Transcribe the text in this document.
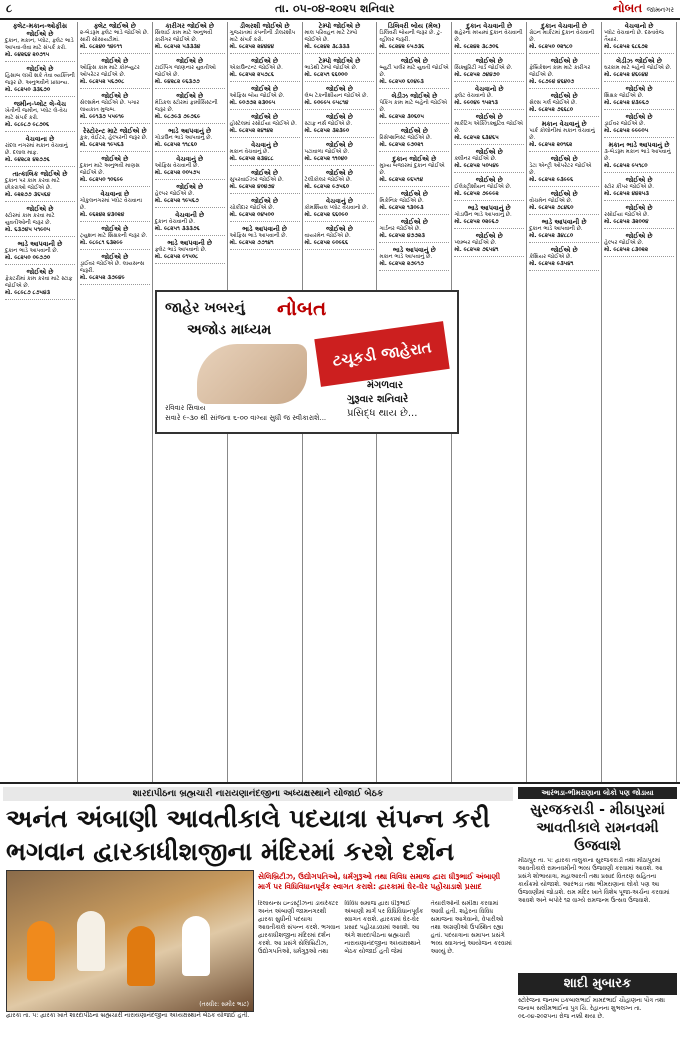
૮	તા. ૦૫-૦૪-૨૦૨૫ શનિવાર	નોબત જામનગર
ફ્લેટ-મકાન-ઓફીસ જોઈએ છે
દુકાન, મકાન, પ્લોટ, ફ્લેટ ભાડે આપવા-લેવા માટે સંપર્ક કરો.
મો. ૯૪૨૬૪ ૨૦૭૧૫
જોઈએ છે
હિસાબ લખી શકે તેવા વ્યક્તિની જરૂર છે. અનુભવીને પ્રાધાન્ય.
મો. ૯૮૨૫૦ ૩૩૬૭૦
જમીન-પ્લોટ લે-વેચ
ખેતીની જમીન, પ્લોટ લે-વેચ માટે સંપર્ક કરો.
મો. ૯૮૯૮૭ ૯૮૭૦૬
વેચવાના છે
રાંદલ નગરમાં મકાન વેચવાનું છે. દલાલ માફ.
મો. ૯૪૨૮૨ ૪૨૭૭૬
તાત્કાલિક જોઈએ છે
દુકાન પર કામ કરવા માટે છોકરાઓ જોઈએ છે.
મો. ૯૨૨૭૭ ૩૬૫૬૪
જોઈએ છે
સ્ટોરમાં કામ કરવા માટે યુવતીઓની જરૂર છે.
મો. ૬૩૭૪૫ ૫૧૯૦૫
ભાડે આપવાની છે
દુકાન ભાડે આપવાની છે.
મો. ૯૮૨૫૦ ૦૯૭૭૦
જોઈએ છે
ફેક્ટરીમાં કામ કરવા માટે સ્ટાફ જોઈએ છે.
મો. ૯૮૯૮૭ ૮૭૫૪૩
ફ્લેટ જોઈએ છે
૨-બેડરૂમ ફ્લેટ ભાડે જોઈએ છે. સારી સોસાયટીમાં.
મો. ૯૮૨૪૦ ૧૪૯૧૧
જોઈએ છે
ઓફિસ કામ માટે કોમ્પ્યુટર ઓપરેટર જોઈએ છે.
મો. ૯૮૨૫૨ ૫૬૭૦૮
જોઈએ છે
સેલ્સમેન જોઈએ છે. પગાર લાયકાત મુજબ.
મો. ૯૯૧૩૭ ૫૫૯૧૯
રેસ્ટોરન્ટ માટે જોઈએ છે
કુક, વેઈટર, હેલ્પરની જરૂર છે.
મો. ૯૮૨૫૨ ૧૯૫૬૩
જોઈએ છે
દુકાન માટે અનુભવી માણસ જોઈએ છે.
મો. ૯૮૨૫૦ ૧૦૬૯૯
વેચવાના છે
ગોકુલનગરમાં પ્લોટ વેચવાના છે.
મો. ૯૬૨૪૨ ૪૩૦૨૪
જોઈએ છે
ટ્યુશન માટે શિક્ષકની જરૂર છે.
મો. ૯૮૯૮૧ ૬૩૨૯૯
જોઈએ છે
ડ્રાઈવર જોઈએ છે. લાયસન્સ જરૂરી.
મો. ૯૮૨૫૨ ૩૭૯૪૯
કારીગર જોઈએ છે
સિલાઈ કામ માટે અનુભવી કારીગર જોઈએ છે.
મો. ૯૮૨૫૨ ૫૩૩૩૪
જોઈએ છે
ટાઈપિંગ જાણનાર યુવતીઓ જોઈએ છે.
મો. ૯૪૨૮૨ ૯૬૩૭૭
જોઈએ છે
મેડિકલ સ્ટોરમાં ફાર્માસિસ્ટની જરૂર છે.
મો. ૯૮૭૯૩ ૭૯૭૬૯
ભાડે આપવાનું છે
ગોડાઉન ભાડે આપવાનું છે.
મો. ૯૮૨૫૨ ૧૧૮૬૦
વેચવાનું છે
ઓફિસ વેચવાની છે.
મો. ૯૮૨૫૨ ૦૦૫૭૫
જોઈએ છે
હેલ્પર જોઈએ છે.
મો. ૯૮૨૫૨ ૧૯૫૬૭
વેચવાની છે
દુકાન વેચવાની છે.
મો. ૯૮૨૫૧ ૩૩૩૭૬
ભાડે આપવાની છે
ફ્લેટ ભાડે આપવાનો છે.
મો. ૯૮૨૫૨ ૯૧૫૦૮
ડીલરશી જોઈએ છે
ગુજરાતમાં કંપનીની ડીલરશીપ માટે સંપર્ક કરો.
મો. ૯૮૨૫૨ ૨૪૪૪૪
જોઈએ છે
એકાઉન્ટન્ટ જોઈએ છે.
મો. ૯૮૨૫૨ ૨૫૭૮૬
જોઈએ છે
ઓફિસ બોય જોઈએ છે.
મો. ૯૦૭૭૨ ૨૩૦૯૫
જોઈએ છે
હોસ્ટેલમાં રસોઈયા જોઈએ છે.
મો. ૯૮૨૫૨ ૨૪૧૪૨
વેચવાનું છે
મકાન વેચવાનું છે.
મો. ૯૮૨૫૨ ૨૩૪૮૮
જોઈએ છે
સુપરવાઈઝર જોઈએ છે.
મો. ૯૮૨૫૨ ૪૦૪૭૪
જોઈએ છે
ચોકીદાર જોઈએ છે.
મો. ૯૮૨૫૨ ૦૪૫૦૦
ભાડે આપવાની છે
ઓફિસ ભાડે આપવાની છે.
મો. ૯૮૨૫૨ ૭૭૧૪૧
ટેમ્પો જોઈએ છે
માલ પરિવહન માટે ટેમ્પો જોઈએ છે.
મો. ૯૮૨૪૨ ૩૮૩૩૩
ટેમ્પો જોઈએ છે
ભાડેથી ટેમ્પો જોઈએ છે.
મો. ૯૮૨૫૧ ૬૬૦૦૦
જોઈએ છે
લેબ ટેકનીશીયન જોઈએ છે.
મો. ૯૦૯૯૫ ૯૫૮૧૪
જોઈએ છે
સ્ટાફ નર્સ જોઈએ છે.
મો. ૯૮૨૫૨ ૩૨૩૯૦
જોઈએ છે
પટાવાળા જોઈએ છે.
મો. ૯૮૨૫૨ ૧૧૦૪૦
જોઈએ છે
ટેલીકોલર જોઈએ છે.
મો. ૯૮૨૫૨ ૯૭૫૬૦
વેચવાનું છે
કોમર્શિયલ પ્લોટ વેચવાનો છે.
મો. ૯૮૨૫૨ ૬૬૦૯૦
જોઈએ છે
વાયરમેન જોઈએ છે.
મો. ૯૮૨૫૨ ૯૦૯૬૬
ડિલિવરી બોય (મેલ)
ડિલિવરી બોયની જરૂર છે. ટુ-વ્હીલર જરૂરી.
મો. ૯૮૨૪૨ ૯૫૭૩૬
જોઈએ છે
બ્યુટી પાર્લર માટે યુવતી જોઈએ છે.
મો. ૯૮૨૫૦ ૬૦૪૯૩
લેડીઝ જોઈએ છે
પેકિંગ કામ માટે બહેનો જોઈએ છે.
મો. ૯૮૨૫૨ ૩૦૬૦૫
જોઈએ છે
રિસેપ્શનિસ્ટ જોઈએ છે.
મો. ૯૮૨૫૨ ૯૭૦૨૧
દુકાન જોઈએ છે
મુખ્ય બજારમાં દુકાન જોઈએ છે.
મો. ૯૮૨૫૨ ૯૬૫૧૪
જોઈએ છે
મિકેનિક જોઈએ છે.
મો. ૯૮૨૫૨ ૧૩૦૯૩
જોઈએ છે
ગાર્ડનર જોઈએ છે.
મો. ૯૮૨૫૨ ૪૭૭૨૩
ભાડે આપવાનું છે
મકાન ભાડે આપવાનું છે.
મો. ૯૮૨૫૨ ૨૭૯૧૭
દુકાન વેચવાની છે
શહેરના મધ્યમાં દુકાન વેચવાની છે.
મો. ૯૮૨૪૨ ૩૮૭૦૬
જોઈએ છે
સિક્યુરિટી ગાર્ડ જોઈએ છે.
મો. ૯૮૨૫૨ ૭૪૪૭૦
વેચવાનો છે
ફ્લેટ વેચવાનો છે.
મો. ૯૯૦૪૯ ૧૫૨૧૩
જોઈએ છે
માર્કેટિંગ એક્ઝિક્યુટિવ જોઈએ છે.
મો. ૯૮૨૫૨ ૬૩૪૬૫
જોઈએ છે
ક્લીનર જોઈએ છે.
મો. ૯૮૨૫૨ ૫૦૫૪૯
જોઈએ છે
ઈલેક્ટ્રીશીયન જોઈએ છે.
મો. ૯૮૨૫૨ ૭૯૯૯૨
ભાડે આપવાનું છે
ગોડાઉન ભાડે આપવાનું છે.
મો. ૯૮૨૫૨ ૦૨૯૬૭
જોઈએ છે
પ્લમ્બર જોઈએ છે.
મો. ૯૮૨૫૨ ૭૬૫૪૧
દુકાન વેચવાની છે
ગ્રેઇન માર્કેટમાં દુકાન વેચવાની છે.
મો. ૯૮૨૫૦ ૦૨૧૮૦
જોઈએ છે
ફેબ્રિકેશન કામ માટે કારીગર જોઈએ છે.
મો. ૯૮૭૯૪ ૪૬૪૦૭
જોઈએ છે
સેલ્સ ગર્લ જોઈએ છે.
મો. ૯૮૨૫૨ ૭૬૬૮૦
મકાન વેચવાનું છે
પાર્ક કોલોનીમાં મકાન વેચવાનું છે.
મો. ૯૮૨૫૨ ૨૦૧૬૨
જોઈએ છે
ડેટા એન્ટ્રી ઓપરેટર જોઈએ છે.
મો. ૯૮૨૫૨ ૯૩૯૯૬
જોઈએ છે
વોચમેન જોઈએ છે.
મો. ૯૮૨૫૨ ૭૮૪૬૦
ભાડે આપવાની છે
દુકાન ભાડે આપવાની છે.
મો. ૯૮૨૫૨ ૩૪૮૮૦
જોઈએ છે
કેશિયર જોઈએ છે.
મો. ૯૮૨૫૨ ૯૩૫૪૧
વેચવાનો છે
પ્લોટ વેચવાનો છે. દસ્તાવેજ તૈયાર.
મો. ૯૮૨૫૨ ૬૮૬૭૨
લેડીઝ જોઈએ છે
ઘરકામ માટે બહેનો જોઈએ છે.
મો. ૯૮૨૫૨ ૪૬૯૪૪
જોઈએ છે
શિક્ષક જોઈએ છે.
મો. ૯૮૨૫૨ ૪૩૯૬૭
જોઈએ છે
ડ્રાઈવર જોઈએ છે.
મો. ૯૮૨૫૨ ૯૯૯૦૫
મકાન ભાડે આપવાનું છે
૩-બેડરૂમ મકાન ભાડે આપવાનું છે.
મો. ૯૮૨૫૨ ૯૫૧૮૦
જોઈએ છે
સ્ટોર કીપર જોઈએ છે.
મો. ૯૮૨૫૨ ૪૪૨૫૩
જોઈએ છે
રસોઈયા જોઈએ છે.
મો. ૯૮૨૫૨ ૩૨૦૦૪
જોઈએ છે
હેલ્પર જોઈએ છે.
મો. ૯૮૨૫૨ ૮૩૦૨૨
જાહેર ખબરનું નોબત
અજોડ માધ્યમ
ટચૂકડી જાહેરાત
મંગળવાર
ગુરૂવાર શનિવારે
પ્રસિદ્ધ થાય છે...
રવિવાર સિવાય
સવારે ૯-૩૦ થી સાંજના ૬-૦૦ વાગ્યા સુધી જ સ્વીકારાશે...
શારદાપીઠના બ્રહ્મચારી નારાયણાનંદજીના અધ્યક્ષસ્થાને યોજાઈ બેઠક
અનંત અંબાણી આવતીકાલે પદયાત્રા સંપન્ન કરી ભગવાન દ્વારકાધીશજીના મંદિરમાં કરશે દર્શન
સેલિબ્રિટીઝ, ઉદ્યોગપતિઓ, ધર્મગુરૂઓ તથા વિવિધ સમાજ દ્વારા ધીરૂભાઈ અંબાણી માર્ગ પર વિધિવિધાનપૂર્વક સ્વાગત કરાશે: દ્વારકામાં ઘેર-ઘેર પહોંચાડાશે પ્રસાદ
(તસ્વીર: સમીર ભાટ)
દ્વારકા તા. ૫: દ્વારકા ખાતે શારદાપીઠના બ્રહ્મચારી નારાયણાનંદજીના અધ્યક્ષસ્થાને બેઠક યોજાઈ હતી.
રિલાયન્સ ઇન્ડસ્ટ્રીઝના ડાયરેક્ટર અનંત અંબાણી જામનગરથી દ્વારકા સુધીની પદયાત્રા આવતીકાલે સંપન્ન કરશે. ભગવાન દ્વારકાધીશજીના મંદિરમાં દર્શન કરશે. આ પ્રસંગે સેલિબ્રિટીઝ, ઉદ્યોગપતિઓ, ધર્મગુરૂઓ તથા વિવિધ સમાજ દ્વારા ધીરૂભાઈ અંબાણી માર્ગ પર વિધિવિધાનપૂર્વક સ્વાગત કરાશે. દ્વારકામાં ઘેર-ઘેર પ્રસાદ પહોંચાડવામાં આવશે. આ અંગે શારદાપીઠના બ્રહ્મચારી નારાયણાનંદજીના અધ્યક્ષસ્થાને બેઠક યોજાઈ હતી જેમાં તૈયારીઓની સમીક્ષા કરવામાં આવી હતી. શહેરના વિવિધ સમાજના આગેવાનો, વેપારીઓ તથા અગ્રણીઓ ઉપસ્થિત રહ્યા હતાં. પદયાત્રાના સમાપન પ્રસંગે ભવ્ય સ્વાગતનું આયોજન કરવામાં આવ્યું છે.
આરંભડા-ભીમરાણાના લોકો પણ જોડાયા
સુરજકરાડી - મીઠાપુરમાં આવતીકાલે રામનવમી ઉજવાશે
મીઠાપુર તા. ૫: દ્વારકા તાલુકાના સુરજકરાડી તથા મીઠાપુરમાં આવતીકાલે રામનવમીની ભવ્ય ઉજવણી કરવામાં આવશે. આ પ્રસંગે શોભાયાત્રા, મહાઆરતી તથા પ્રસાદ વિતરણ સહિતના કાર્યક્રમો યોજાશે. આરંભડા તથા ભીમરાણાના લોકો પણ આ ઉજવણીમાં જોડાશે. રામ મંદિર ખાતે વિશેષ પૂજા-અર્ચના કરવામાં આવશે અને બપોરે ૧૨ વાગ્યે રામજન્મ ઉત્સવ ઉજવાશે.
શાદી મુબારક
સ્ટોરેજના જનાબ ઇકબાલભાઈ મામદભાઈ ચૌહાણના પૌત્ર તથા જનાબ સલીમભાઈના પુત્ર ચિ. રેહાનના શુભલગ્ન તા. ૦૬-૦૪-૨૦૨૫ના રોજ નક્કી થયા છે.
